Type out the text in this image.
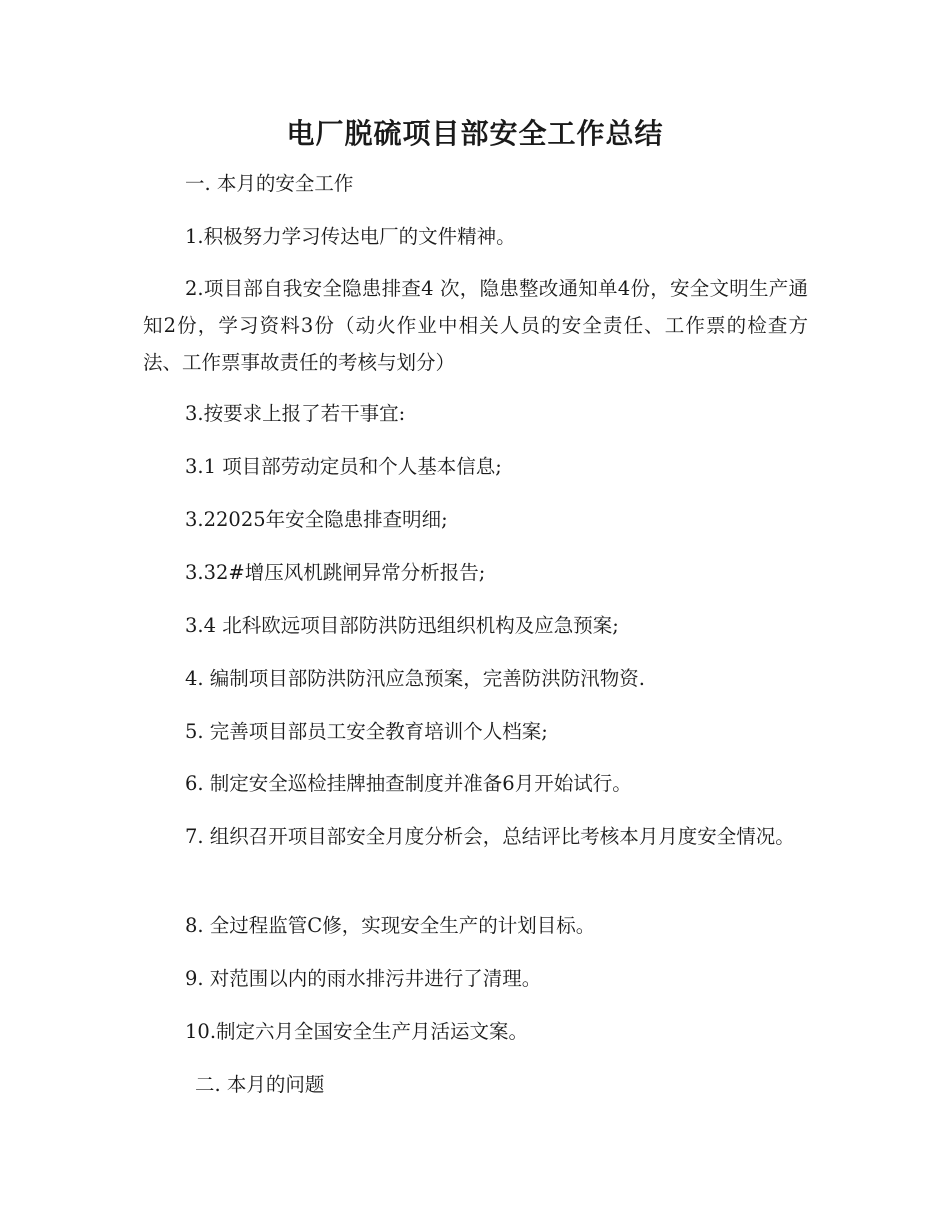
电厂脱硫项目部安全工作总结
一. 本月的安全工作
1.积极努力学习传达电厂的文件精神。
2.项目部自我安全隐患排查4 次，隐患整改通知单4份，安全文明生产通知2份，学习资料3份（动火作业中相关人员的安全责任、工作票的检查方法、工作票事故责任的考核与划分）
3.按要求上报了若干事宜:
3.1 项目部劳动定员和个人基本信息;
3.22025年安全隐患排查明细;
3.32#增压风机跳闸异常分析报告;
3.4 北科欧远项目部防洪防迅组织机构及应急预案;
4. 编制项目部防洪防汛应急预案，完善防洪防汛物资.
5. 完善项目部员工安全教育培训个人档案;
6. 制定安全巡检挂牌抽查制度并准备6月开始试行。
7. 组织召开项目部安全月度分析会，总结评比考核本月月度安全情况。
8. 全过程监管C修，实现安全生产的计划目标。
9. 对范围以内的雨水排污井进行了清理。
10.制定六月全国安全生产月活运文案。
二. 本月的问题
